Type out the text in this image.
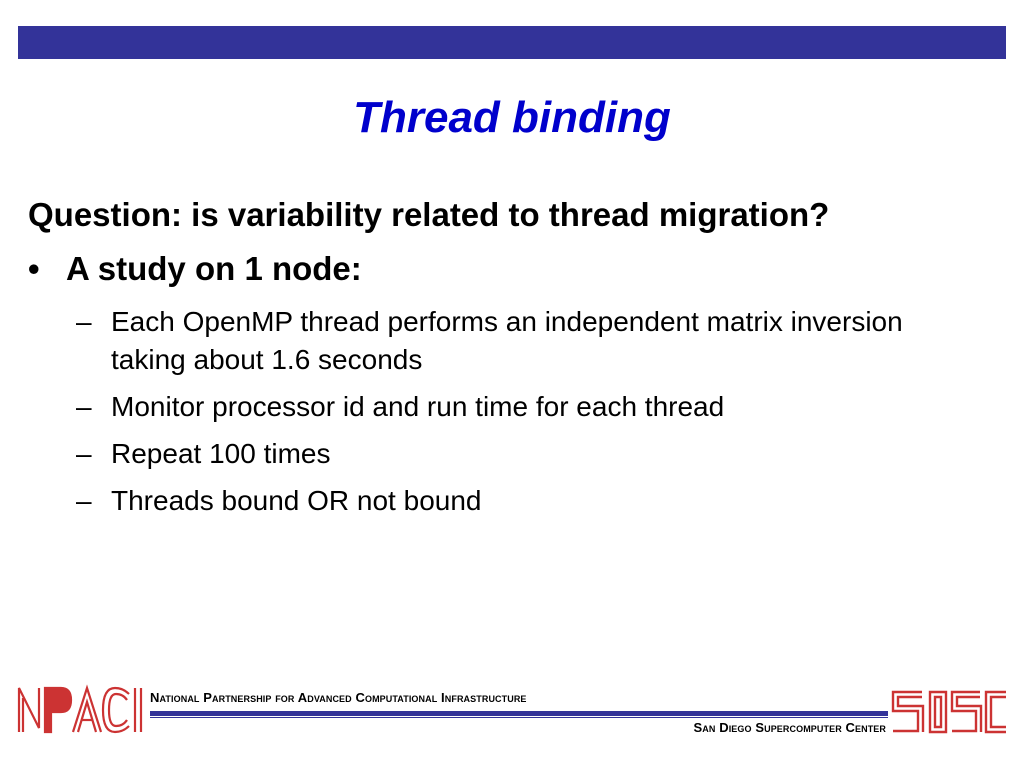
Thread binding
Question: is variability related to thread migration?
• A study on 1 node:
– Each OpenMP thread performs an independent matrix inversion taking about 1.6 seconds
– Monitor processor id and run time for each thread
– Repeat 100 times
– Threads bound OR not bound
National Partnership for Advanced Computational Infrastructure
San Diego Supercomputer Center
